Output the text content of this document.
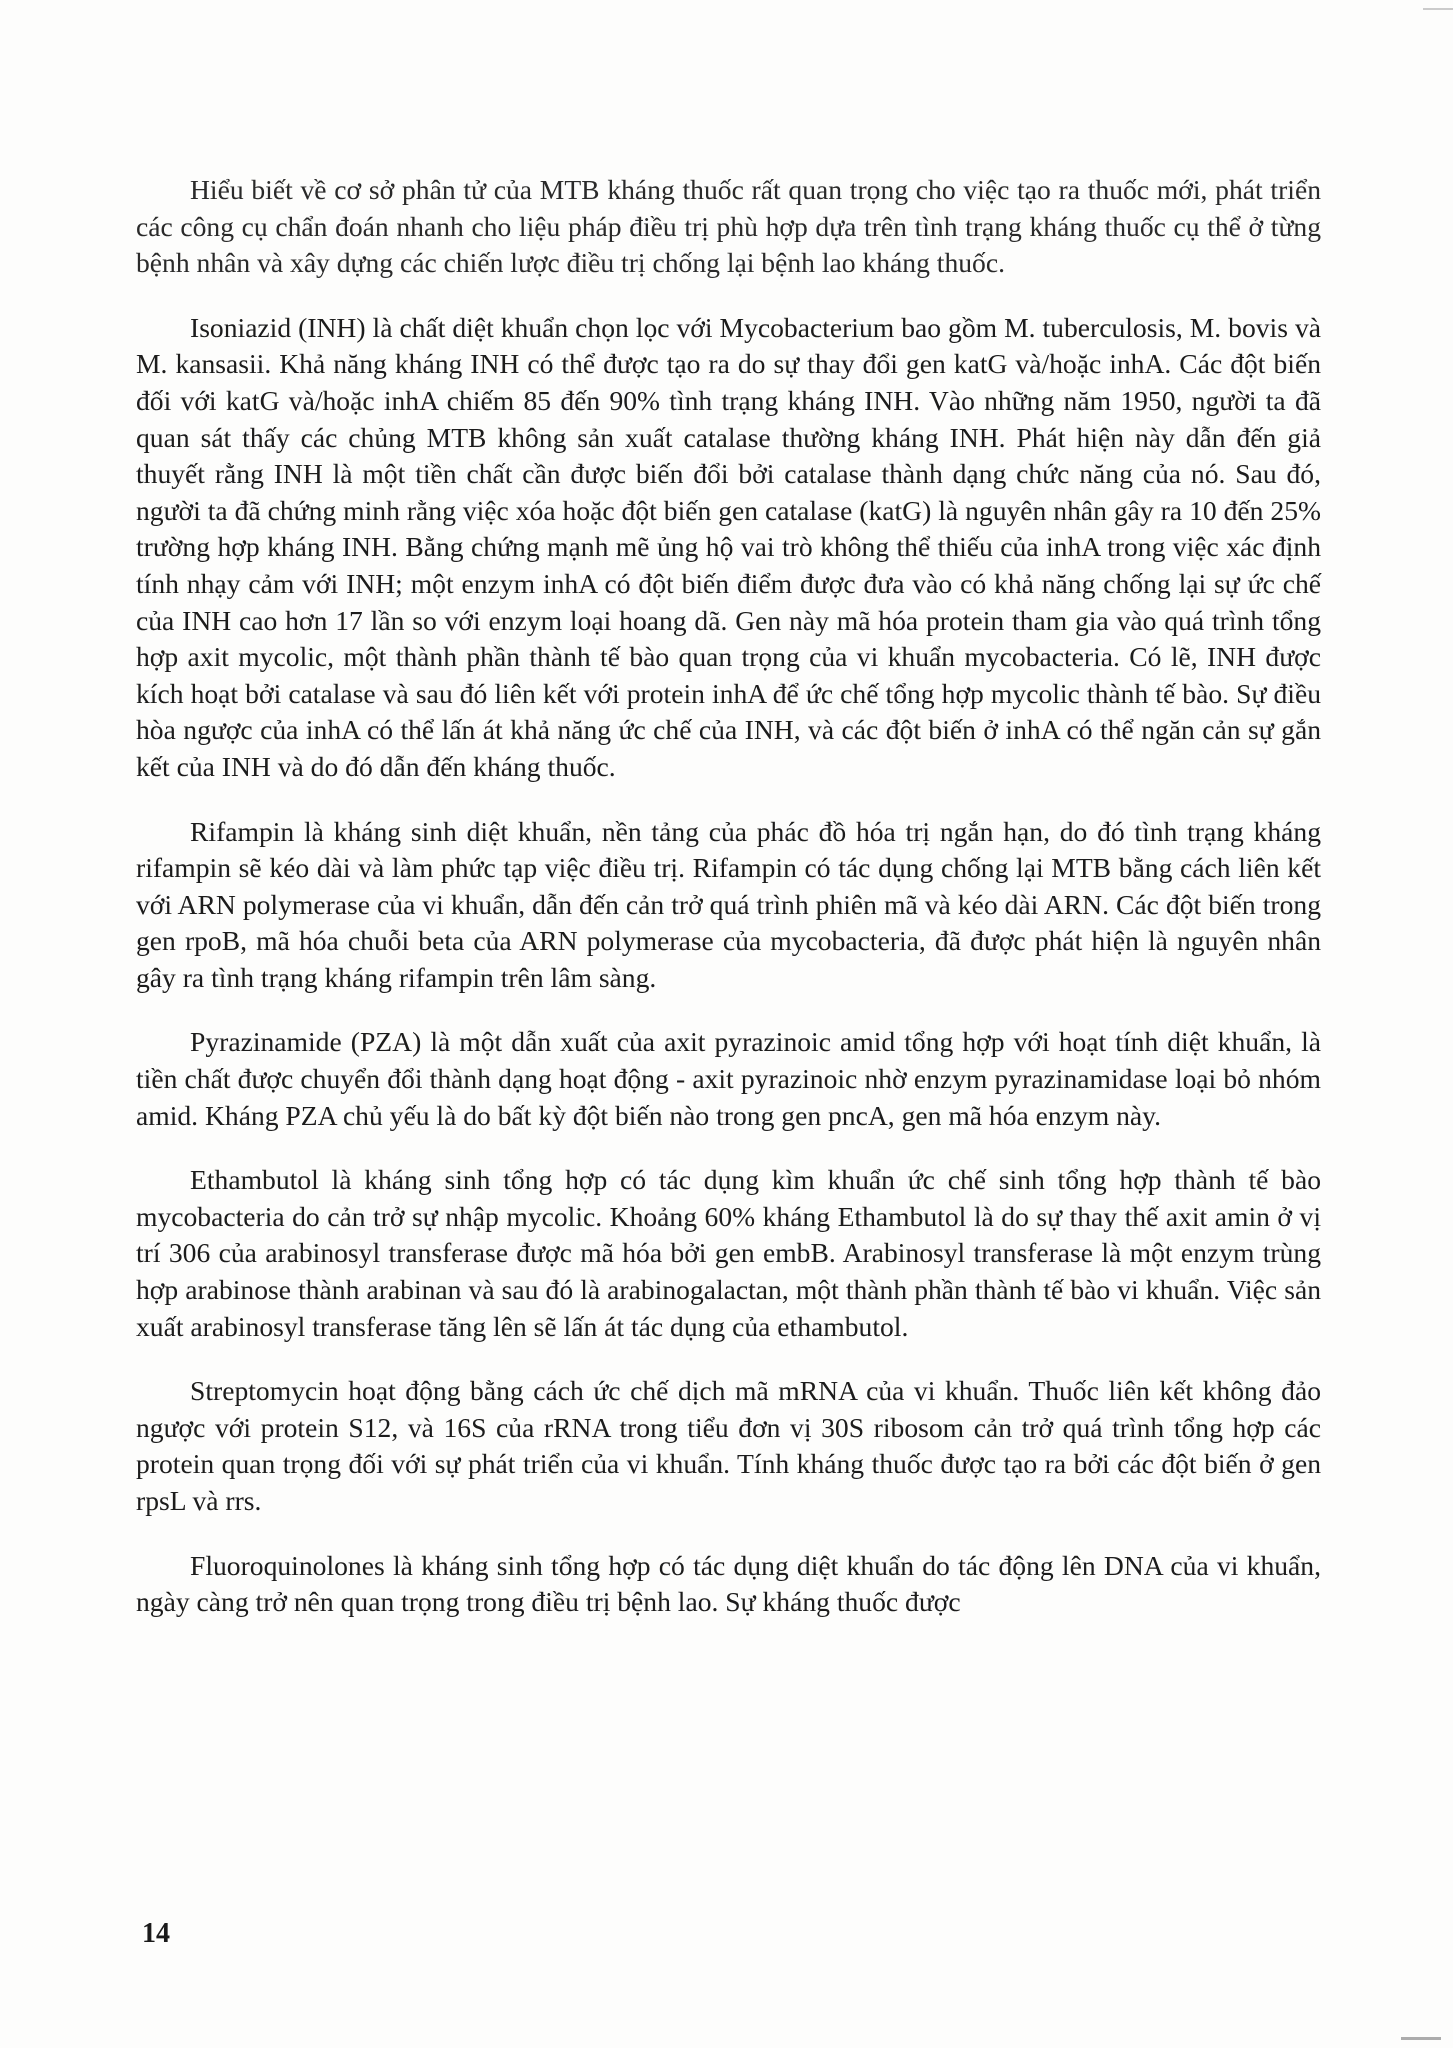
Hiểu biết về cơ sở phân tử của MTB kháng thuốc rất quan trọng cho việc tạo ra thuốc mới, phát triển các công cụ chẩn đoán nhanh cho liệu pháp điều trị phù hợp dựa trên tình trạng kháng thuốc cụ thể ở từng bệnh nhân và xây dựng các chiến lược điều trị chống lại bệnh lao kháng thuốc.

Isoniazid (INH) là chất diệt khuẩn chọn lọc với Mycobacterium bao gồm M. tuberculosis, M. bovis và M. kansasii. Khả năng kháng INH có thể được tạo ra do sự thay đổi gen katG và/hoặc inhA. Các đột biến đối với katG và/hoặc inhA chiếm 85 đến 90% tình trạng kháng INH. Vào những năm 1950, người ta đã quan sát thấy các chủng MTB không sản xuất catalase thường kháng INH. Phát hiện này dẫn đến giả thuyết rằng INH là một tiền chất cần được biến đổi bởi catalase thành dạng chức năng của nó. Sau đó, người ta đã chứng minh rằng việc xóa hoặc đột biến gen catalase (katG) là nguyên nhân gây ra 10 đến 25% trường hợp kháng INH. Bằng chứng mạnh mẽ ủng hộ vai trò không thể thiếu của inhA trong việc xác định tính nhạy cảm với INH; một enzym inhA có đột biến điểm được đưa vào có khả năng chống lại sự ức chế của INH cao hơn 17 lần so với enzym loại hoang dã. Gen này mã hóa protein tham gia vào quá trình tổng hợp axit mycolic, một thành phần thành tế bào quan trọng của vi khuẩn mycobacteria. Có lẽ, INH được kích hoạt bởi catalase và sau đó liên kết với protein inhA để ức chế tổng hợp mycolic thành tế bào. Sự điều hòa ngược của inhA có thể lấn át khả năng ức chế của INH, và các đột biến ở inhA có thể ngăn cản sự gắn kết của INH và do đó dẫn đến kháng thuốc.

Rifampin là kháng sinh diệt khuẩn, nền tảng của phác đồ hóa trị ngắn hạn, do đó tình trạng kháng rifampin sẽ kéo dài và làm phức tạp việc điều trị. Rifampin có tác dụng chống lại MTB bằng cách liên kết với ARN polymerase của vi khuẩn, dẫn đến cản trở quá trình phiên mã và kéo dài ARN. Các đột biến trong gen rpoB, mã hóa chuỗi beta của ARN polymerase của mycobacteria, đã được phát hiện là nguyên nhân gây ra tình trạng kháng rifampin trên lâm sàng.

Pyrazinamide (PZA) là một dẫn xuất của axit pyrazinoic amid tổng hợp với hoạt tính diệt khuẩn, là tiền chất được chuyển đổi thành dạng hoạt động - axit pyrazinoic nhờ enzym pyrazinamidase loại bỏ nhóm amid. Kháng PZA chủ yếu là do bất kỳ đột biến nào trong gen pncA, gen mã hóa enzym này.

Ethambutol là kháng sinh tổng hợp có tác dụng kìm khuẩn ức chế sinh tổng hợp thành tế bào mycobacteria do cản trở sự nhập mycolic. Khoảng 60% kháng Ethambutol là do sự thay thế axit amin ở vị trí 306 của arabinosyl transferase được mã hóa bởi gen embB. Arabinosyl transferase là một enzym trùng hợp arabinose thành arabinan và sau đó là arabinogalactan, một thành phần thành tế bào vi khuẩn. Việc sản xuất arabinosyl transferase tăng lên sẽ lấn át tác dụng của ethambutol.

Streptomycin hoạt động bằng cách ức chế dịch mã mRNA của vi khuẩn. Thuốc liên kết không đảo ngược với protein S12, và 16S của rRNA trong tiểu đơn vị 30S ribosom cản trở quá trình tổng hợp các protein quan trọng đối với sự phát triển của vi khuẩn. Tính kháng thuốc được tạo ra bởi các đột biến ở gen rpsL và rrs.

Fluoroquinolones là kháng sinh tổng hợp có tác dụng diệt khuẩn do tác động lên DNA của vi khuẩn, ngày càng trở nên quan trọng trong điều trị bệnh lao. Sự kháng thuốc được

14
